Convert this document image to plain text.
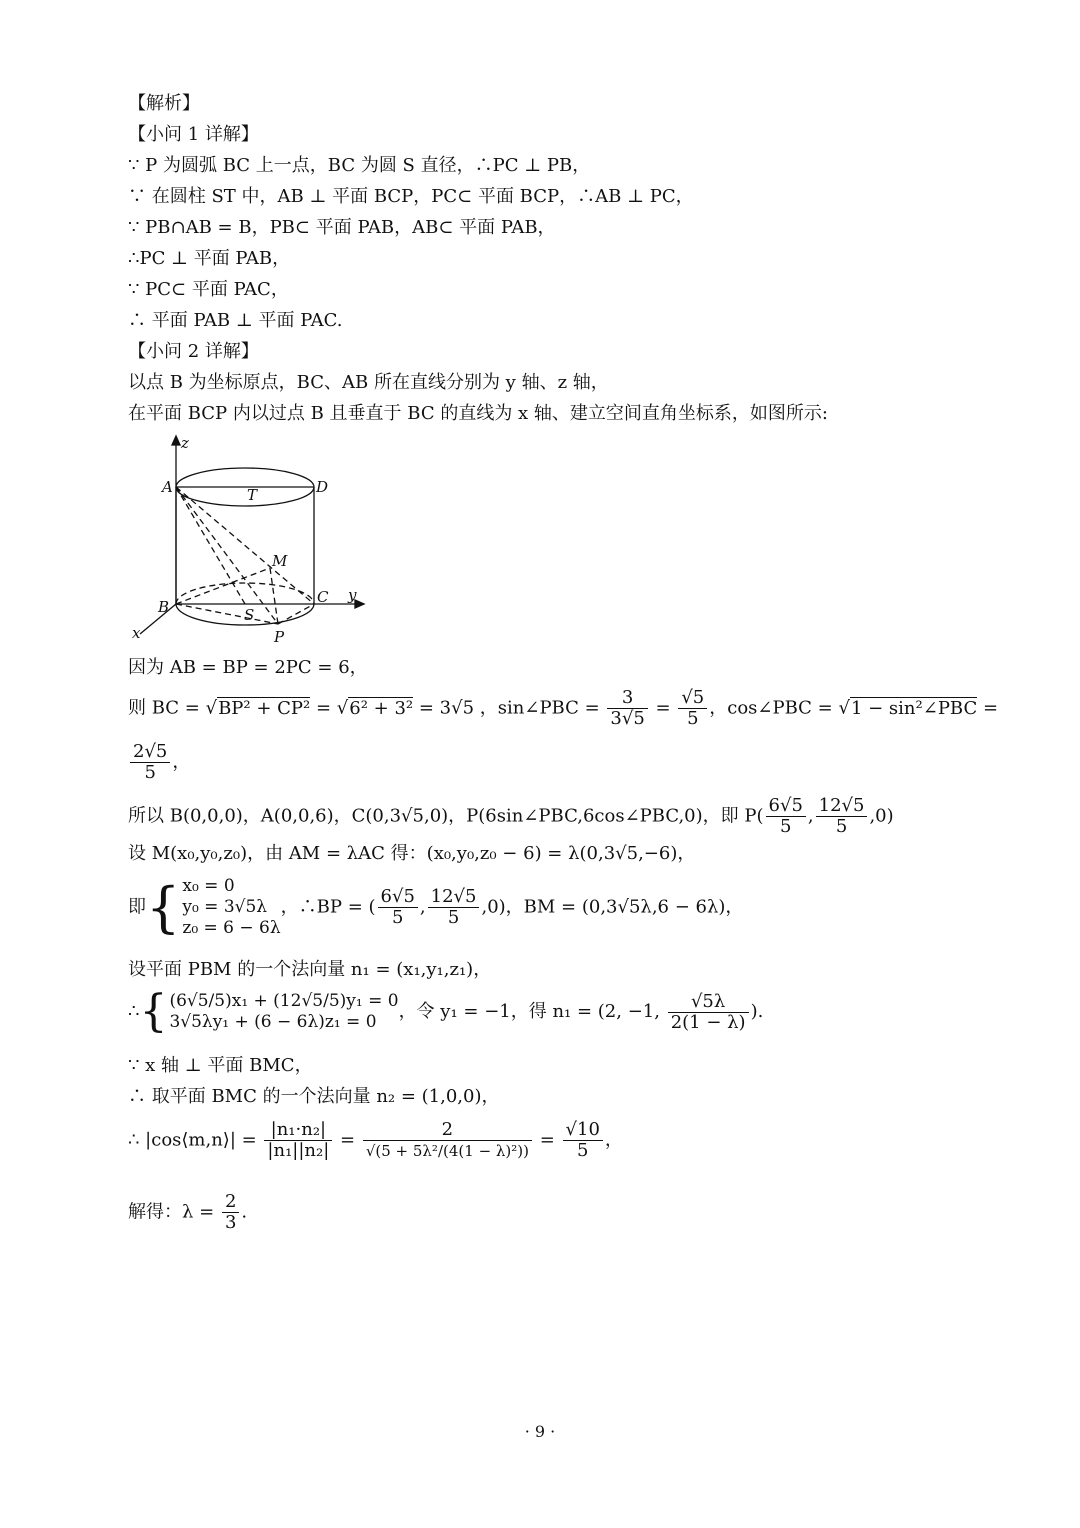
【解析】
【小问 1 详解】
∵ P 为圆弧 BC 上一点，BC 为圆 S 直径，∴PC ⊥ PB，
∵ 在圆柱 ST 中，AB ⊥ 平面 BCP，PC⊂ 平面 BCP，∴AB ⊥ PC，
∵ PB∩AB = B，PB⊂ 平面 PAB，AB⊂ 平面 PAB，
∴PC ⊥ 平面 PAB，
∵ PC⊂ 平面 PAC，
∴ 平面 PAB ⊥ 平面 PAC.
【小问 2 详解】
以点 B 为坐标原点，BC、AB 所在直线分别为 y 轴、z 轴，
在平面 BCP 内以过点 B 且垂直于 BC 的直线为 x 轴、建立空间直角坐标系，如图所示:
z
A	T	D
M
B	S
C y
x	P
因为 AB = BP = 2PC = 6，
则 BC = √BP² + CP² = √6² + 3² = 3√5 ，sin∠PBC = $\frac{3}{3√5} = \frac{√5}{5}$ ，cos∠PBC = √1 − sin²∠PBC =
$\frac{2√5}{5}$ ，
所以 B(0,0,0)，A(0,0,6)，C(0,3√5,0)，P(6sin∠PBC,6cos∠PBC,0)，即 $P( \frac{6√5}{5}$ , $\frac{12√5}{5} ,0$)
设 M(x₀,y₀,z₀)，由 AM = λAC 得：(x₀,y₀,z₀ − 6) = λ(0,3√5,−6)，
即{ x₀ = 0
y₀ = 3√5λ
z₀ = 6 − 6λ
，∴BP = ( $\frac{6√5}{5}$ , $\frac{12√5}{5} ,0$)，BM = (0,3√5λ,6 − 6λ)，
设平面 PBM 的一个法向量 n₁ = (x₁,y₁,z₁)，
∴{ (6√5/5)x₁ + (12√5/5)y₁ = 0
3√5λy₁ + (6 − 6λ)z₁ = 0	，令 y₁ = −1，得 n₁ = (2, −1, $\frac{√5\lambda}{2(1 - \lambda)}$ ).
∵ x 轴 ⊥ 平面 BMC，
∴ 取平面 BMC 的一个法向量 n₂ = (1,0,0)，
∴ |cos⟨m,n⟩| = $\frac{\text{|n₁·n₂|}}{\text{|n₁||n₂|}} = \frac{2}{\text{√(5 + 5λ²/(4(1 − λ)²))}} = \frac{√10}{5}$ ，
解得：$\lambda = \frac{2}{3}$ .
· 9 ·
